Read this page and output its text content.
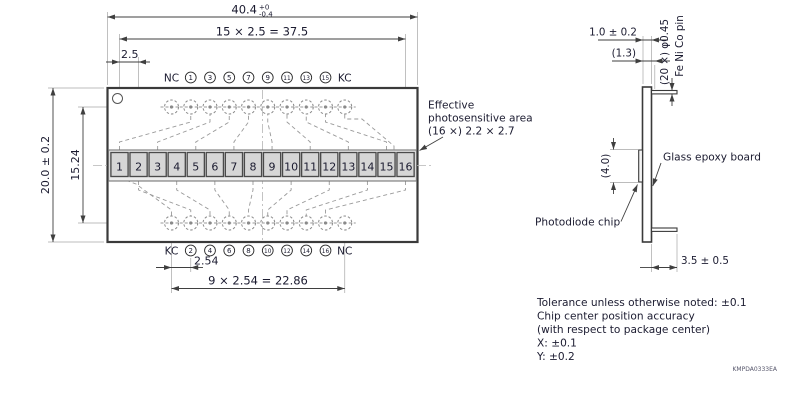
1 2 3 4 5 6 7 8 9 10 11 12 13 14 15 16
NC 1 3 5 7 9 11 13 15 KC
KC 2 4 6 8 10 12 14 16 NC
40.4 +0
-0.4
15 × 2.5 = 37.5
2.5
20.0 ± 0.2 15.24
2.54
9 × 2.54 = 22.86
Effective
photosensitive area
(16 ×) 2.2 × 2.7
1.0 ± 0.2
(1.3) (20 ×) φ0.45 Fe Ni Co pin
(4.0)	Glass epoxy board
Photodiode chip
3.5 ± 0.5
Tolerance unless otherwise noted: ±0.1
Chip center position accuracy
(with respect to package center)
X: ±0.1
Y: ±0.2
KMPDA0333EA
